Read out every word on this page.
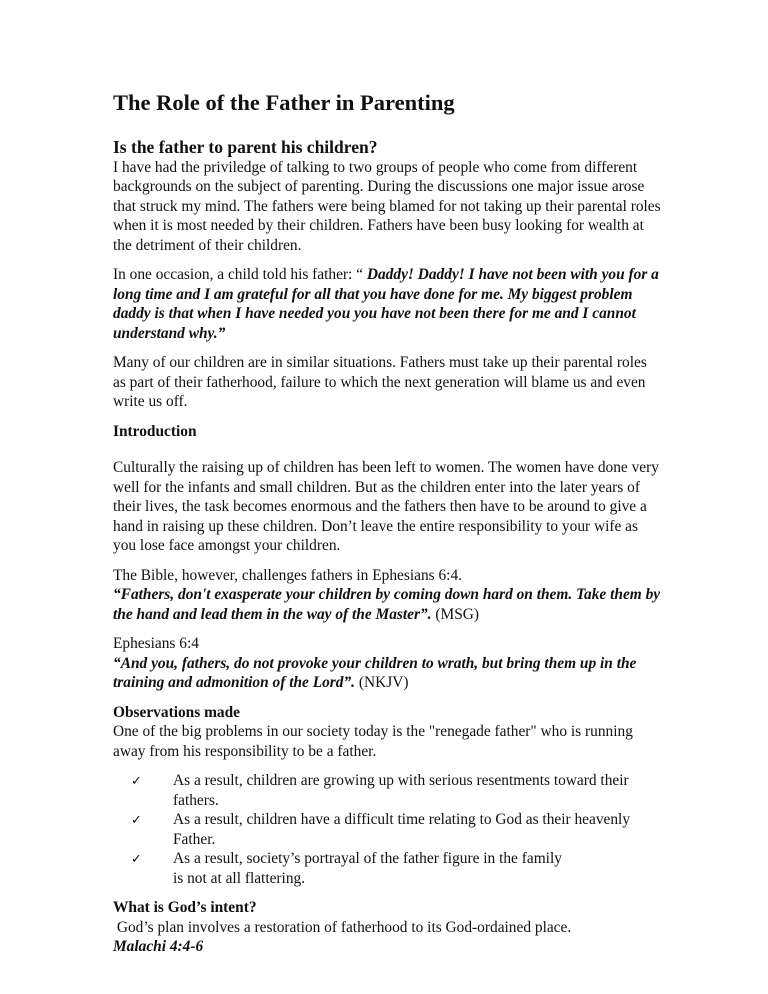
The Role of the Father in Parenting
Is the father to parent his children?
I have had the priviledge of talking to two groups of people who come from different backgrounds on the subject of parenting. During the discussions one major issue arose that struck my mind. The fathers were being blamed for not taking up their parental roles when it is most needed by their children. Fathers have been busy looking for wealth at the detriment of their children.
In one occasion, a child told his father: “ Daddy! Daddy! I have not been with you for a long time and I am grateful for all that you have done for me. My biggest problem daddy is that when I have needed you you have not been there for me and I cannot understand why.”
Many of our children are in similar situations. Fathers must take up their parental roles as part of their fatherhood, failure to which the next generation will blame us and even write us off.
Introduction
Culturally the raising up of children has been left to women. The women have done very well for the infants and small children. But as the children enter into the later years of their lives, the task becomes enormous and the fathers then have to be around to give a hand in raising up these children. Don’t leave the entire responsibility to your wife as you lose face amongst your children.
The Bible, however, challenges fathers in Ephesians 6:4.
“Fathers, don't exasperate your children by coming down hard on them. Take them by the hand and lead them in the way of the Master”. (MSG)
Ephesians 6:4
“And you, fathers, do not provoke your children to wrath, but bring them up in the training and admonition of the Lord”. (NKJV)
Observations made
One of the big problems in our society today is the "renegade father" who is running away from his responsibility to be a father.
✓ As a result, children are growing up with serious resentments toward their fathers.
✓ As a result, children have a difficult time relating to God as their heavenly Father.
✓ As a result, society’s portrayal of the father figure in the family is not at all flattering.
What is God’s intent?
God’s plan involves a restoration of fatherhood to its God-ordained place.
Malachi 4:4-6
